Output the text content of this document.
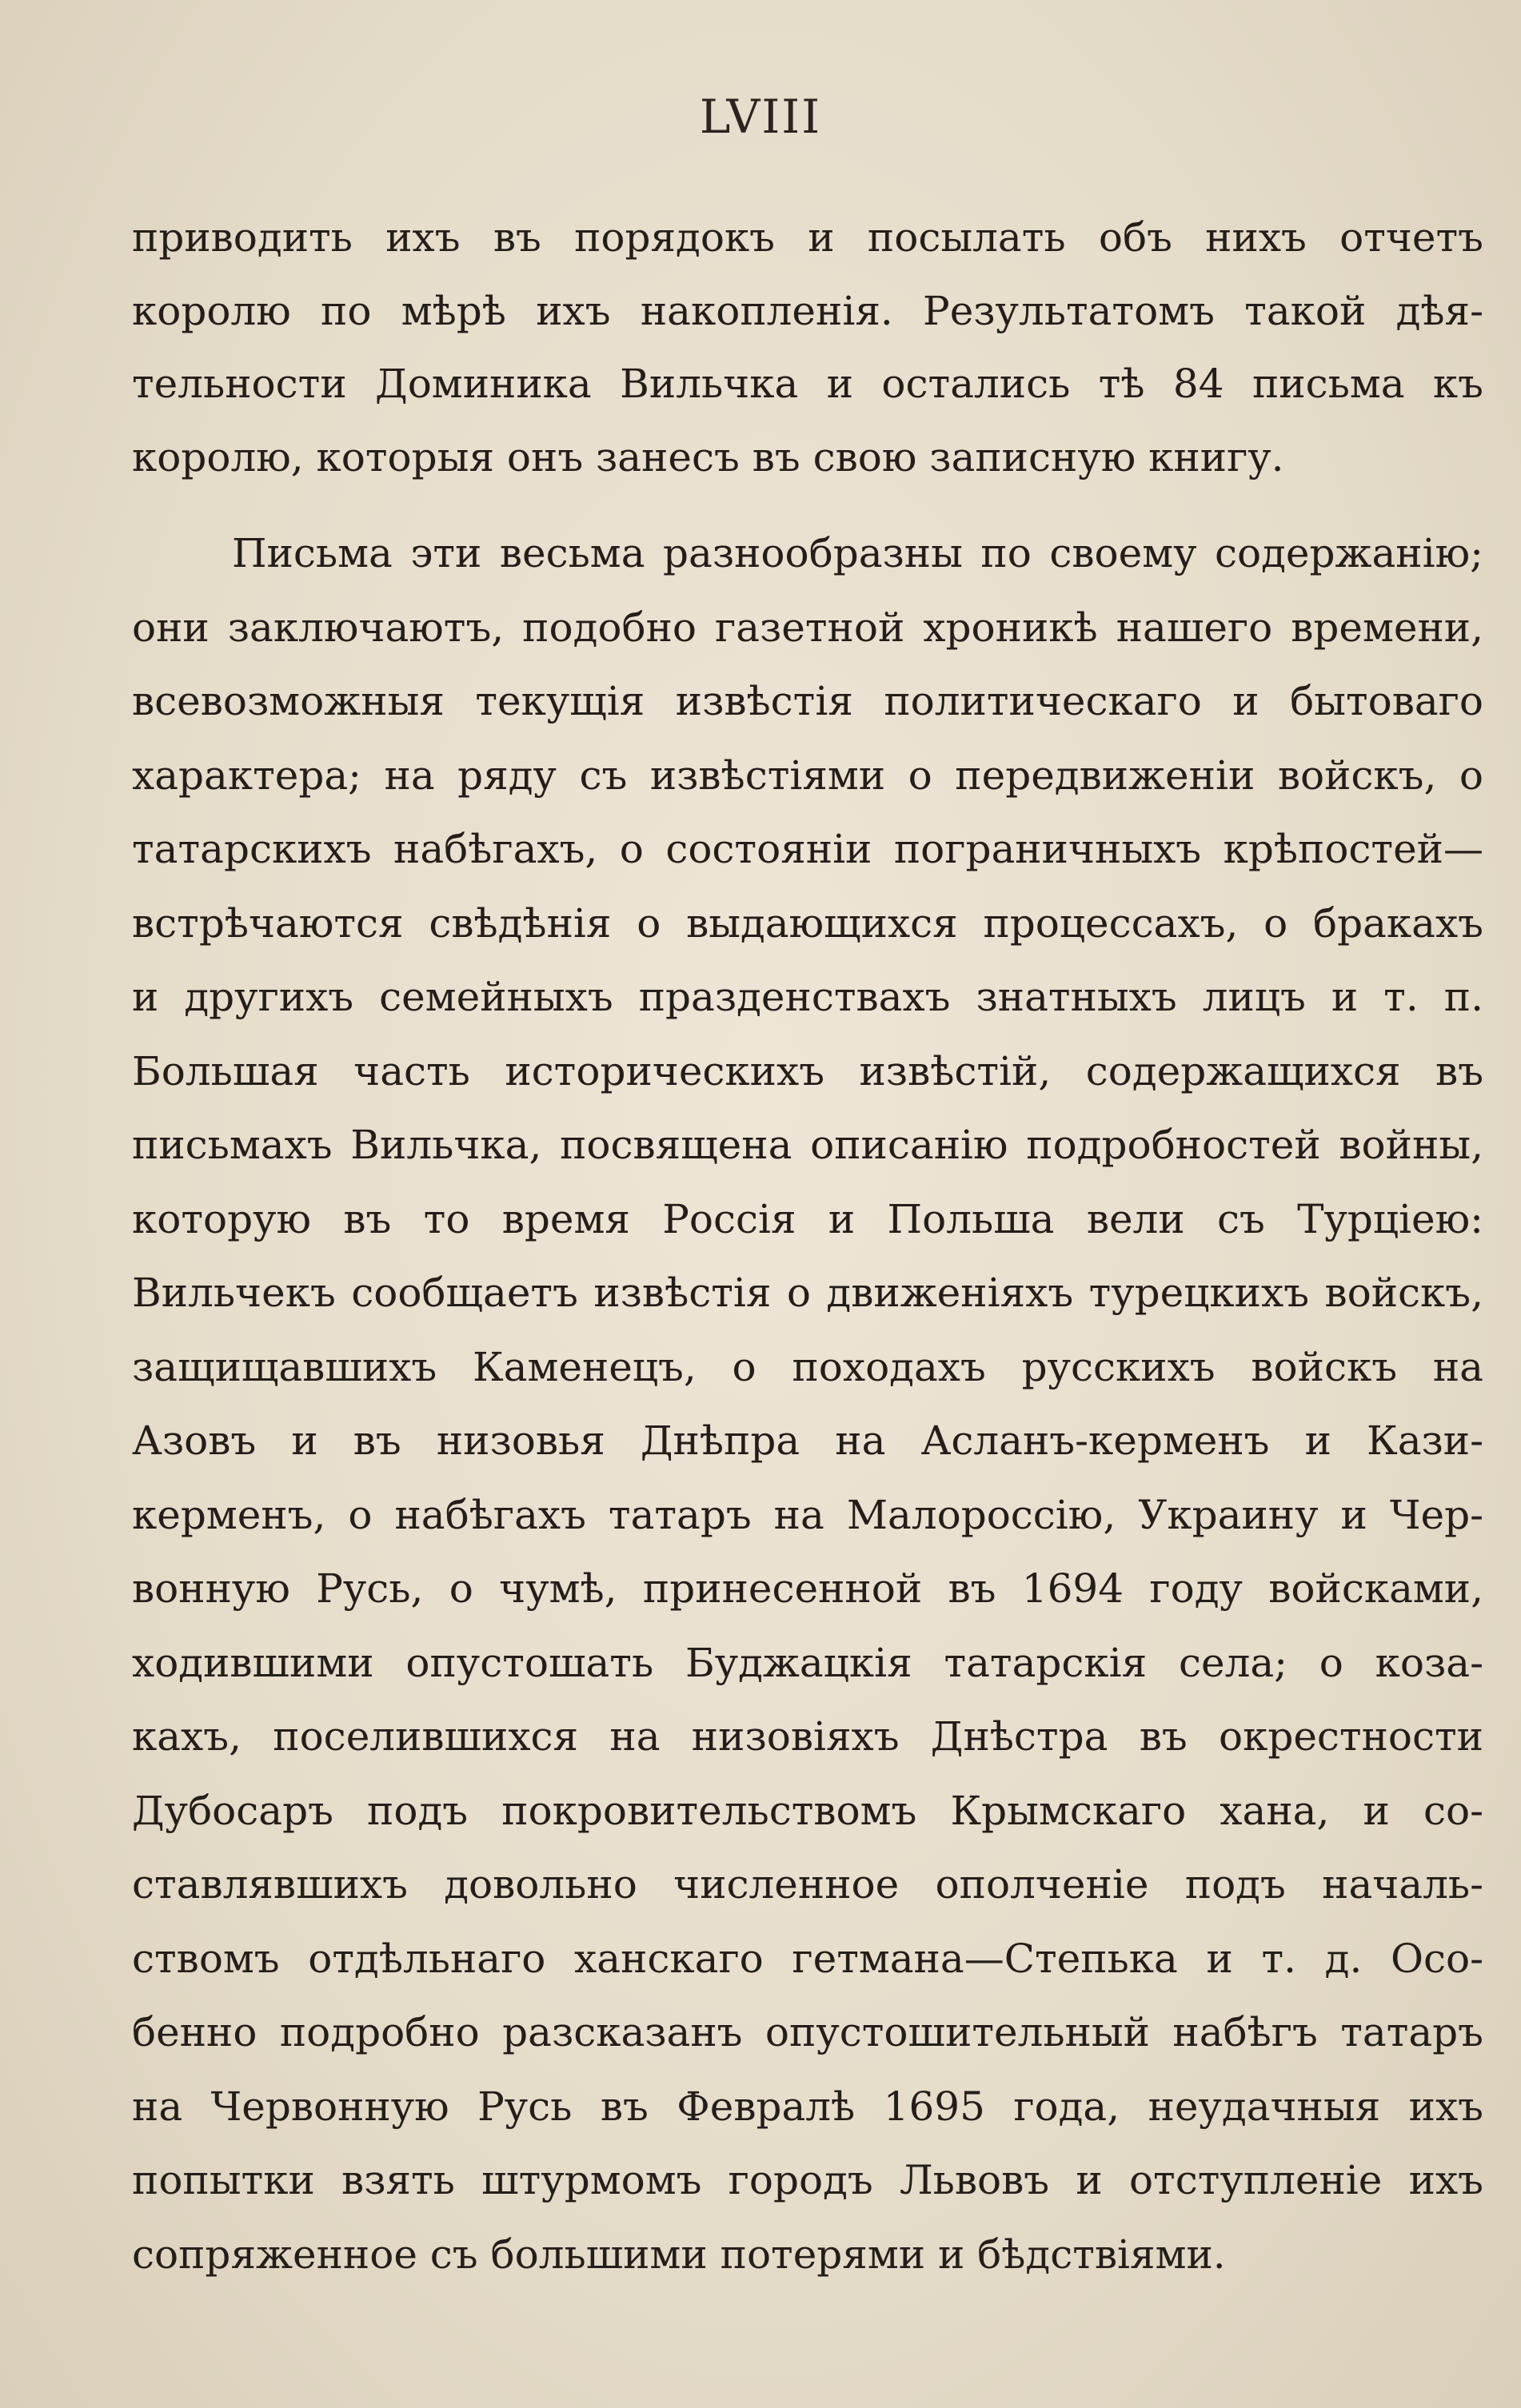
LVIII
приводить ихъ въ порядокъ и посылать объ нихъ отчетъ
королю по мѣрѣ ихъ накопленія. Результатомъ такой дѣя-
тельности Доминика Вильчка и остались тѣ 84 письма къ
королю, которыя онъ занесъ въ свою записную книгу.
Письма эти весьма разнообразны по своему содержанію;
они заключаютъ, подобно газетной хроникѣ нашего времени,
всевозможныя текущія извѣстія политическаго и бытоваго
характера; на ряду съ извѣстіями о передвиженіи войскъ, о
татарскихъ набѣгахъ, о состояніи пограничныхъ крѣпостей—
встрѣчаются свѣдѣнія о выдающихся процессахъ, о бракахъ
и другихъ семейныхъ празденствахъ знатныхъ лицъ и т. п.
Большая часть историческихъ извѣстій, содержащихся въ
письмахъ Вильчка, посвящена описанію подробностей войны,
которую въ то время Россія и Польша вели съ Турціею:
Вильчекъ сообщаетъ извѣстія о движеніяхъ турецкихъ войскъ,
защищавшихъ Каменецъ, о походахъ русскихъ войскъ на
Азовъ и въ низовья Днѣпра на Асланъ-керменъ и Кази-
керменъ, о набѣгахъ татаръ на Малороссію, Украину и Чер-
вонную Русь, о чумѣ, принесенной въ 1694 году войсками,
ходившими опустошать Буджацкія татарскія села; о коза-
кахъ, поселившихся на низовіяхъ Днѣстра въ окрестности
Дубосаръ подъ покровительствомъ Крымскаго хана, и со-
ставлявшихъ довольно численное ополченіе подъ началь-
ствомъ отдѣльнаго ханскаго гетмана—Степька и т. д. Осо-
бенно подробно разсказанъ опустошительный набѣгъ татаръ
на Червонную Русь въ Февралѣ 1695 года, неудачныя ихъ
попытки взять штурмомъ городъ Львовъ и отступленіе ихъ
сопряженное съ большими потерями и бѣдствіями.
